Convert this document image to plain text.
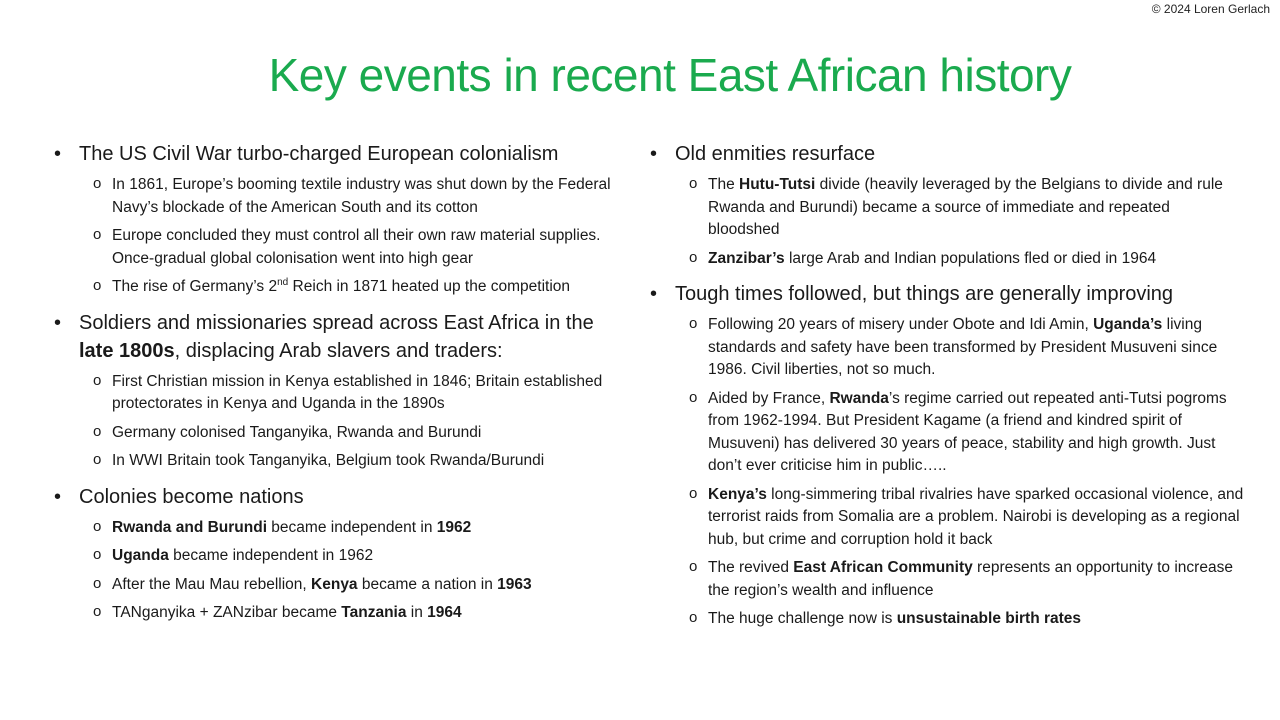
© 2024 Loren Gerlach
Key events in recent East African history
• The US Civil War turbo-charged European colonialism
o In 1861, Europe’s booming textile industry was shut down by the Federal Navy’s blockade of the American South and its cotton
o Europe concluded they must control all their own raw material supplies. Once-gradual global colonisation went into high gear
o The rise of Germany’s 2nd Reich in 1871 heated up the competition
• Soldiers and missionaries spread across East Africa in the late 1800s, displacing Arab slavers and traders:
o First Christian mission in Kenya established in 1846; Britain established protectorates in Kenya and Uganda in the 1890s
o Germany colonised Tanganyika, Rwanda and Burundi
o In WWI Britain took Tanganyika, Belgium took Rwanda/Burundi
• Colonies become nations
o Rwanda and Burundi became independent in 1962
o Uganda became independent in 1962
o After the Mau Mau rebellion, Kenya became a nation in 1963
o TANganyika + ZANzibar became Tanzania in 1964
• Old enmities resurface
o The Hutu-Tutsi divide (heavily leveraged by the Belgians to divide and rule Rwanda and Burundi) became a source of immediate and repeated bloodshed
o Zanzibar’s large Arab and Indian populations fled or died in 1964
• Tough times followed, but things are generally improving
o Following 20 years of misery under Obote and Idi Amin, Uganda’s living standards and safety have been transformed by President Musuveni since 1986. Civil liberties, not so much.
o Aided by France, Rwanda’s regime carried out repeated anti-Tutsi pogroms from 1962-1994. But President Kagame (a friend and kindred spirit of Musuveni) has delivered 30 years of peace, stability and high growth. Just don’t ever criticise him in public…..
o Kenya’s long-simmering tribal rivalries have sparked occasional violence, and terrorist raids from Somalia are a problem. Nairobi is developing as a regional hub, but crime and corruption hold it back
o The revived East African Community represents an opportunity to increase the region’s wealth and influence
o The huge challenge now is unsustainable birth rates
